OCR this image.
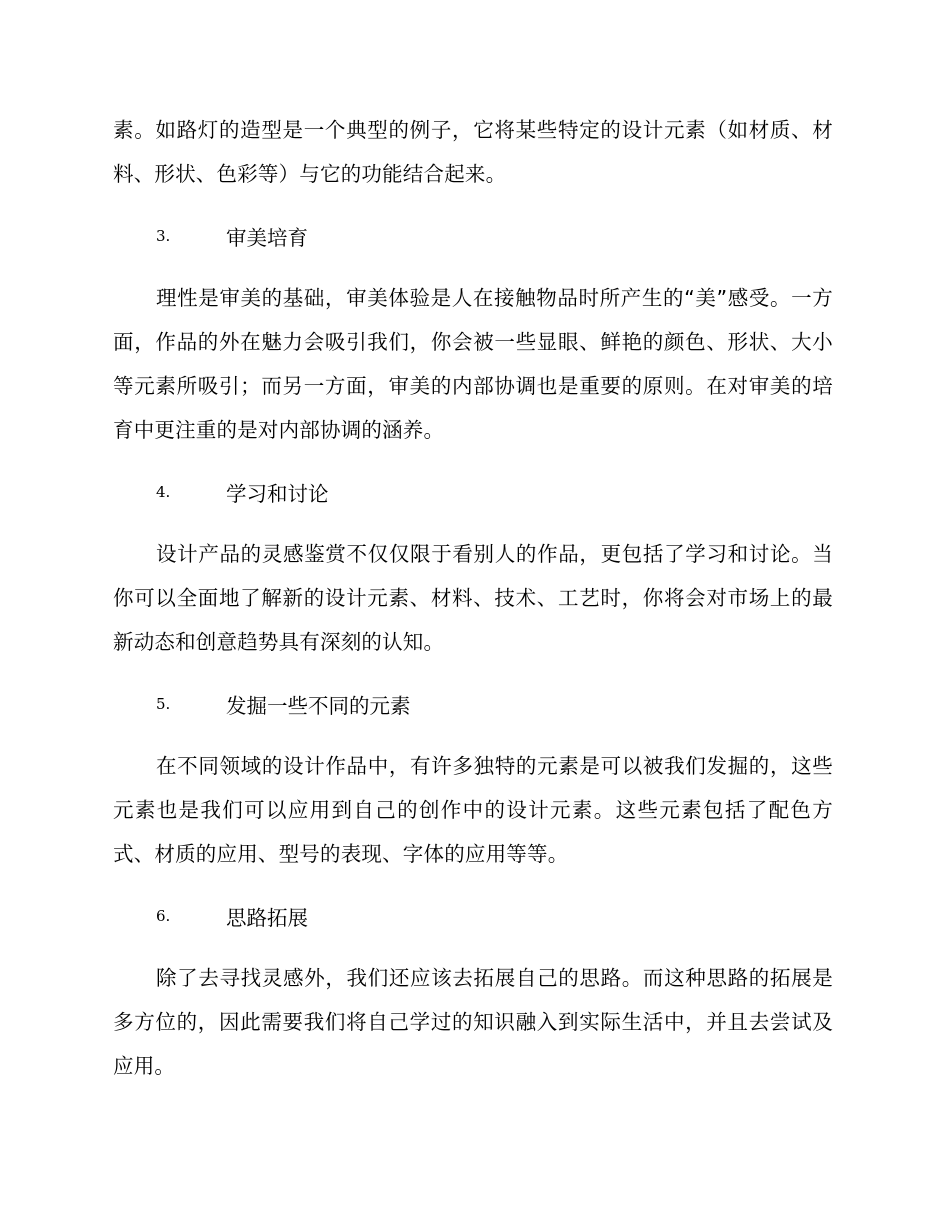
素。如路灯的造型是一个典型的例子，它将某些特定的设计元素（如材质、材料、形状、色彩等）与它的功能结合起来。

3.	审美培育

理性是审美的基础，审美体验是人在接触物品时所产生的“美”感受。一方面，作品的外在魅力会吸引我们，你会被一些显眼、鲜艳的颜色、形状、大小等元素所吸引；而另一方面，审美的内部协调也是重要的原则。在对审美的培育中更注重的是对内部协调的涵养。

4.	学习和讨论

设计产品的灵感鉴赏不仅仅限于看别人的作品，更包括了学习和讨论。当你可以全面地了解新的设计元素、材料、技术、工艺时，你将会对市场上的最新动态和创意趋势具有深刻的认知。

5.	发掘一些不同的元素

在不同领域的设计作品中，有许多独特的元素是可以被我们发掘的，这些元素也是我们可以应用到自己的创作中的设计元素。这些元素包括了配色方式、材质的应用、型号的表现、字体的应用等等。

6.	思路拓展

除了去寻找灵感外，我们还应该去拓展自己的思路。而这种思路的拓展是多方位的，因此需要我们将自己学过的知识融入到实际生活中，并且去尝试及应用。
